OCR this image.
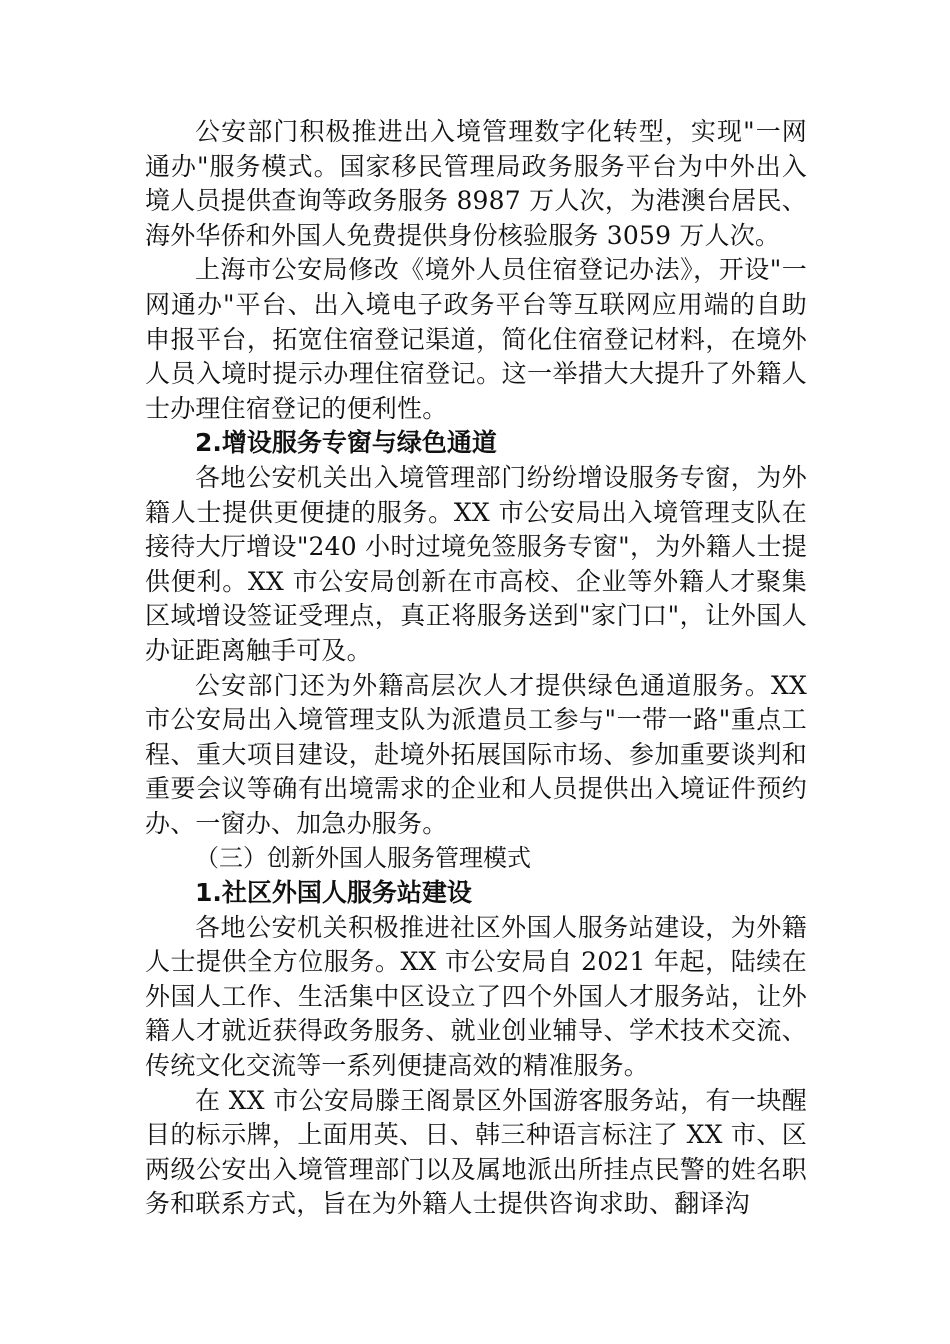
公安部门积极推进出入境管理数字化转型，实现"一网通办"服务模式。国家移民管理局政务服务平台为中外出入境人员提供查询等政务服务 8987 万人次，为港澳台居民、海外华侨和外国人免费提供身份核验服务 3059 万人次。

上海市公安局修改《境外人员住宿登记办法》，开设"一网通办"平台、出入境电子政务平台等互联网应用端的自助申报平台，拓宽住宿登记渠道，简化住宿登记材料，在境外人员入境时提示办理住宿登记。这一举措大大提升了外籍人士办理住宿登记的便利性。

2.增设服务专窗与绿色通道

各地公安机关出入境管理部门纷纷增设服务专窗，为外籍人士提供更便捷的服务。XX 市公安局出入境管理支队在接待大厅增设"240 小时过境免签服务专窗"，为外籍人士提供便利。XX 市公安局创新在市高校、企业等外籍人才聚集区域增设签证受理点，真正将服务送到"家门口"，让外国人办证距离触手可及。

公安部门还为外籍高层次人才提供绿色通道服务。XX 市公安局出入境管理支队为派遣员工参与"一带一路"重点工程、重大项目建设，赴境外拓展国际市场、参加重要谈判和重要会议等确有出境需求的企业和人员提供出入境证件预约办、一窗办、加急办服务。

（三）创新外国人服务管理模式

1.社区外国人服务站建设

各地公安机关积极推进社区外国人服务站建设，为外籍人士提供全方位服务。XX 市公安局自 2021 年起，陆续在外国人工作、生活集中区设立了四个外国人才服务站，让外籍人才就近获得政务服务、就业创业辅导、学术技术交流、传统文化交流等一系列便捷高效的精准服务。

在 XX 市公安局滕王阁景区外国游客服务站，有一块醒目的标示牌，上面用英、日、韩三种语言标注了 XX 市、区两级公安出入境管理部门以及属地派出所挂点民警的姓名职务和联系方式，旨在为外籍人士提供咨询求助、翻译沟
